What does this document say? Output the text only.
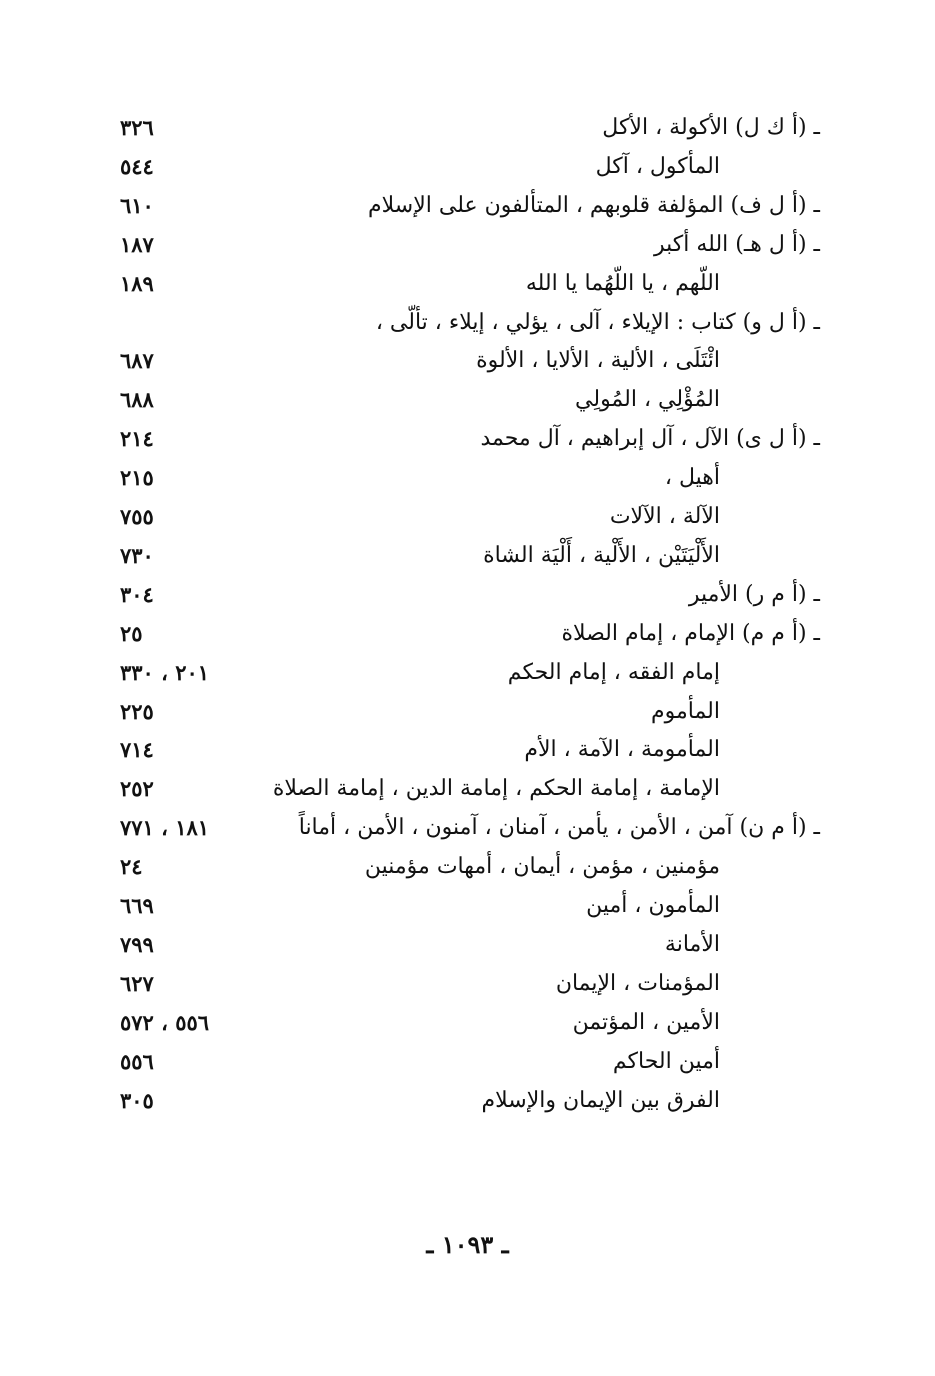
ـ (أ ك ل) الأكولة ، الأكل
٣٢٦
المأكول ، آكل
٥٤٤
ـ (أ ل ف) المؤلفة قلوبهم ، المتألفون على الإسلام
٦١٠
ـ (أ ل هـ) الله أكبر
١٨٧
اللّهم ، يا اللّهُما يا الله
١٨٩
ـ (أ ل و) كتاب : الإيلاء ، آلى ، يؤلي ، إيلاء ، تألّى ،
ائْتَلَى ، الألية ، الألايا ، الألوة
٦٨٧
المُؤْلِي ، المُولِي
٦٨٨
ـ (أ ل ى) الآل ، آل إبراهيم ، آل محمد
٢١٤
أهيل ،
٢١٥
الآلة ، الآلات
٧٥٥
الأَلْيَتَيْن ، الأَلْية ، أَلْيَة الشاة
٧٣٠
ـ (أ م ر) الأمير
٣٠٤
ـ (أ م م) الإمام ، إمام الصلاة
٢٥
إمام الفقه ، إمام الحكم
٢٠١ ، ٣٣٠
المأموم
٢٢٥
المأمومة ، الآمة ، الأم
٧١٤
الإمامة ، إمامة الحكم ، إمامة الدين ، إمامة الصلاة
٢٥٢
ـ (أ م ن) آمن ، الأمن ، يأمن ، آمنان ، آمنون ، الأمن ، أماناً
١٨١ ، ٧٧١
مؤمنين ، مؤمن ، أيمان ، أمهات مؤمنين
٢٤
المأمون ، أمين
٦٦٩
الأمانة
٧٩٩
المؤمنات ، الإيمان
٦٢٧
الأمين ، المؤتمن
٥٥٦ ، ٥٧٢
أمين الحاكم
٥٥٦
الفرق بين الإيمان والإسلام
٣٠٥
ـ ١٠٩٣ ـ
